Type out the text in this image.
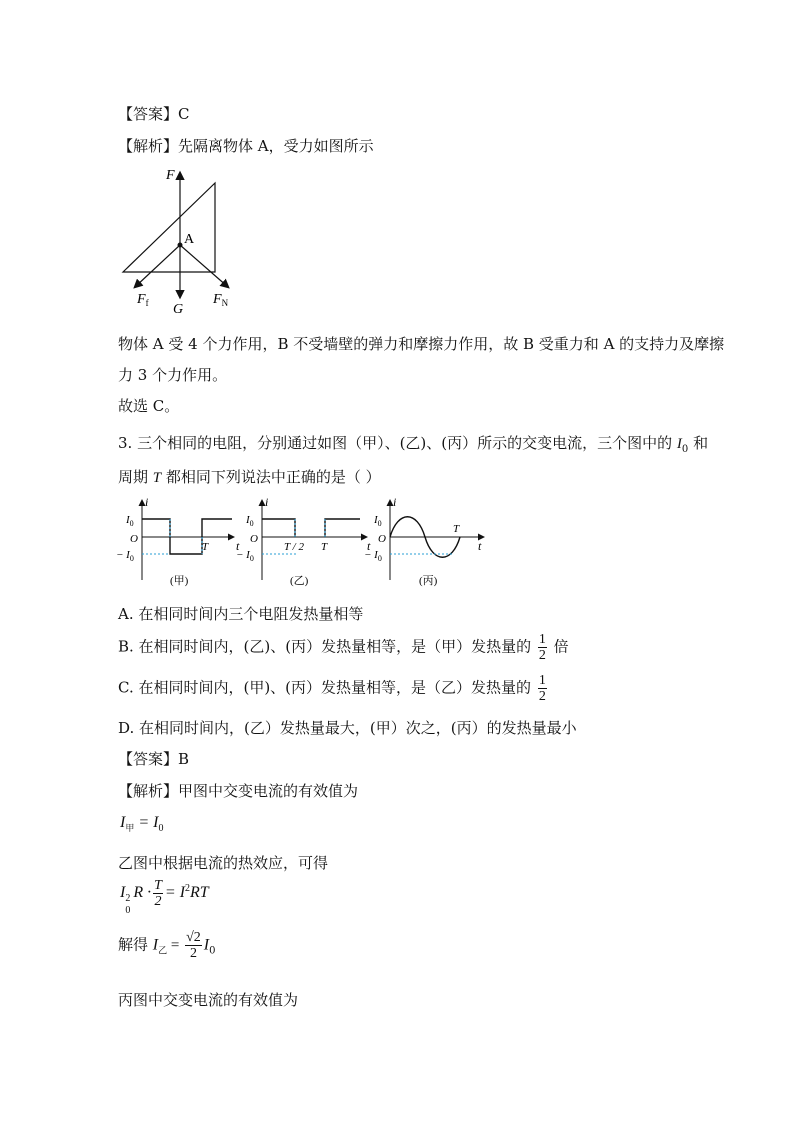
【答案】C
【解析】先隔离物体 A，受力如图所示
F
A
G
$F_f$	$F_N$
物体 A 受 4 个力作用，B 不受墙壁的弹力和摩擦力作用，故 B 受重力和 A 的支持力及摩擦
力 3 个力作用。
故选 C。
3. 三个相同的电阻，分别通过如图（甲）、(乙)、(丙）所示的交变电流，三个图中的 $I_0$ 和
周期 T 都相同下列说法中正确的是（ ）
i
t
$I_0$
O
− $I_0$
T
(甲)
i
t
$I_0$
O
− $I_0$
T / 2 T
(乙)
i
t
$I_0$
O
− $I_0$
T
(丙)
A. 在相同时间内三个电阻发热量相等
B. 在相同时间内，(乙)、(丙）发热量相等，是（甲）发热量的 $\frac{1}{2}$ 倍
C. 在相同时间内，(甲)、(丙）发热量相等，是（乙）发热量的 $\frac{1}{2}$
D. 在相同时间内，(乙）发热量最大，(甲）次之，(丙）的发热量最小
【答案】B
【解析】甲图中交变电流的有效值为
$I_甲 = I_0$
乙图中根据电流的热效应，可得
I 2
0
$R \cdot \frac{T}{2} = I^2RT$
解得 $I_乙 = \frac{√2}{2} I_0$
丙图中交变电流的有效值为
